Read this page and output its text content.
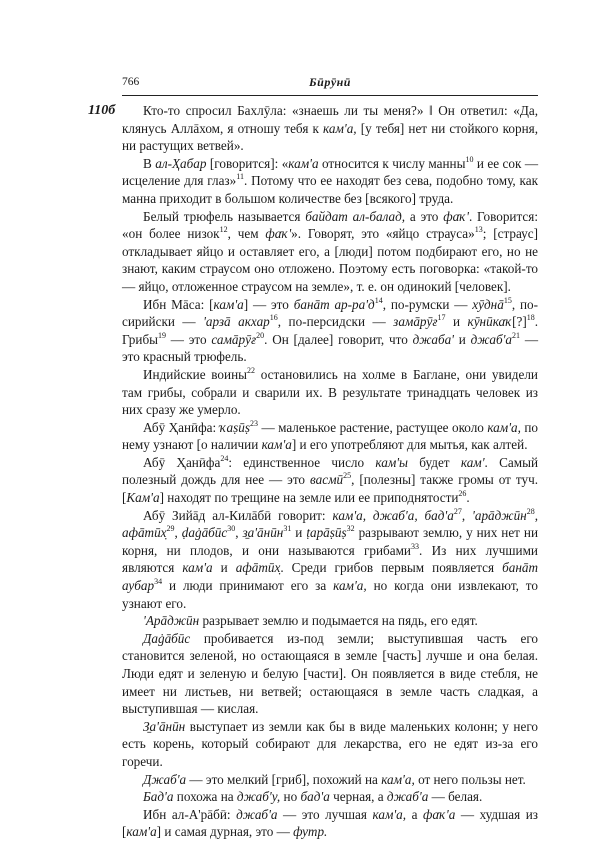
766	Бӣрӯнӣ
110б	Кто-то спросил Бахлӯла: «знаешь ли ты меня?» ‖ Он ответил: «Да, клянусь Аллāхом, я отношу тебя к кам'а, [у тебя] нет ни стойкого корня, ни растущих ветвей».

В ал-Ҳабар [говорится]: «кам'а относится к числу манны$^{10}$ и ее сок — исцеление для глаз»$^{11}$. Потому что ее находят без сева, подобно тому, как манна приходит в большом количестве без [всякого] труда.

Белый трюфель называется байдат ал-балад, а это фаҡ'. Говорится: «он более низок$^{12}$, чем фаҡ'». Говорят, это «яйцо страуса»$^{13}$; [страус] откладывает яйцо и оставляет его, а [люди] потом подбирают его, но не знают, каким страусом оно отложено. Поэтому есть поговорка: «такой-то — яйцо, отложенное страусом на земле», т. е. он одинокий [человек].

Ибн Мāса: [кам'а] — это банāт $ар-ра'д^{14}$, по-румски — хӯднā$^{15}$, по-сирийски — 'арзā акхар$^{16}$, по-персидски — замāрӯғ$^{17}$ и кӯнӣкаҡ[?]$^{18}$. Грибы$^{19}$ — это самāрӯғ$^{20}$. Он [далее] говорит, что джаба' и $джаб'а^{21}$ — это красный трюфель.

Индийские воины$^{22}$ остановились на холме в Баглане, они увидели там грибы, собрали и сварили их. В результате тринадцать человек из них сразу же умерло.

Абӯ Ҳанӣфа: ҡаṣӣṣ$^{23}$ — маленькое растение, растущее около кам'а, по нему узнают [о наличии кам'а] и его употребляют для мытья, как алтей.

Абӯ Ҳанӣфа$^{24}$: единственное число кам'ы будет кам'. Самый полезный дождь для нее — это васмӣ$^{25}$, [полезны] также громы от туч. [Кам'а] находят по трещине на земле или ее приподнятости$^{26}$.

Абӯ Зийāд ал-Килāбӣ говорит: кам'а, джаб'а, $бад'а^{27}$, 'арāджӣн$^{28}$, афāтӣх̣$^{29}$, ḍаġāбӣс$^{30}$, з̱а'āнӣн$^{31}$ и ṭарāṣӣṣ$^{32}$ разрывают землю, у них нет ни корня, ни плодов, и они называются грибами$^{33}$. Из них лучшими являются кам'а и афāтӣх̣. Среди грибов первым появляется банāт аубар$^{34}$ и люди принимают его за кам'а, но когда они извлекают, то узнают его.

'Арāджӣн разрывает землю и подымается на пядь, его едят.

Даġāбӣс пробивается из-под земли; выступившая часть его становится зеленой, но остающаяся в земле [часть] лучше и она белая. Люди едят и зеленую и белую [части]. Он появляется в виде стебля, не имеет ни листьев, ни ветвей; остающаяся в земле часть сладкая, а выступившая — кислая.

З̱а'āнӣн выступает из земли как бы в виде маленьких колонн; у него есть корень, который собирают для лекарства, его не едят из-за его горечи.

Джаб'а — это мелкий [гриб], похожий на кам'а, от него пользы нет.

Бад'а похожа на джаб'у, но бад'а черная, а джаб'а — белая.

Ибн ал-А'рāбӣ: джаб'а — это лучшая кам'а, а фаҡ'а — худшая из [кам'а] и самая дурная, это — футр.
